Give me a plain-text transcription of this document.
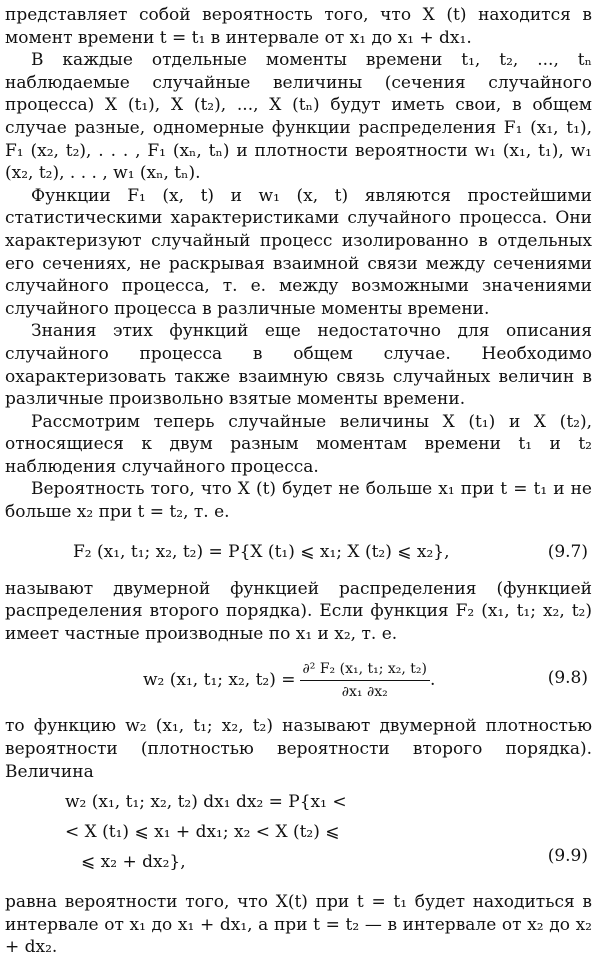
представляет собой вероятность того, что X (t) находится в момент времени t = t₁ в интервале от x₁ до x₁ + dx₁.

В каждые отдельные моменты времени t₁, t₂, ..., tₙ наблюдаемые случайные величины (сечения случайного процесса) X (t₁), X (t₂), ..., X (tₙ) будут иметь свои, в общем случае разные, одномерные функции распределения F₁ (x₁, t₁), F₁ (x₂, t₂), . . . , F₁ (xₙ, tₙ) и плотности вероятности w₁ (x₁, t₁), w₁ (x₂, t₂), . . . , w₁ (xₙ, tₙ).

Функции F₁ (x, t) и w₁ (x, t) являются простейшими статистическими характеристиками случайного процесса. Они характеризуют случайный процесс изолированно в отдельных его сечениях, не раскрывая взаимной связи между сечениями случайного процесса, т. е. между возможными значениями случайного процесса в различные моменты времени.

Знания этих функций еще недостаточно для описания случайного процесса в общем случае. Необходимо охарактеризовать также взаимную связь случайных величин в различные произвольно взятые моменты времени.

Рассмотрим теперь случайные величины X (t₁) и X (t₂), относящиеся к двум разным моментам времени t₁ и t₂ наблюдения случайного процесса.

Вероятность того, что X (t) будет не больше x₁ при t = t₁ и не больше x₂ при t = t₂, т. е.

F₂ (x₁, t₁; x₂, t₂) = P{X (t₁) ⩽ x₁; X (t₂) ⩽ x₂},	(9.7)

называют двумерной функцией распределения (функцией распределения второго порядка). Если функция F₂ (x₁, t₁; x₂, t₂) имеет частные производные по x₁ и x₂, т. е.

w₂ (x₁, t₁; x₂, $t_2) = \frac{\text{∂² F₂ (x₁, t₁; x₂, t₂)}}{\text{∂x₁ ∂x₂}}$ .	(9.8)

то функцию w₂ (x₁, t₁; x₂, t₂) называют двумерной плотностью вероятности (плотностью вероятности второго порядка). Величина

w₂ (x₁, t₁; x₂, t₂) dx₁ dx₂ = P{x₁ <
< X (t₁) ⩽ x₁ + dx₁; x₂ < X (t₂) ⩽
⩽ x₂ + dx₂},	(9.9)

равна вероятности того, что X(t) при t = t₁ будет находиться в интервале от x₁ до x₁ + dx₁, а при t = t₂ — в интервале от x₂ до x₂ + dx₂.
